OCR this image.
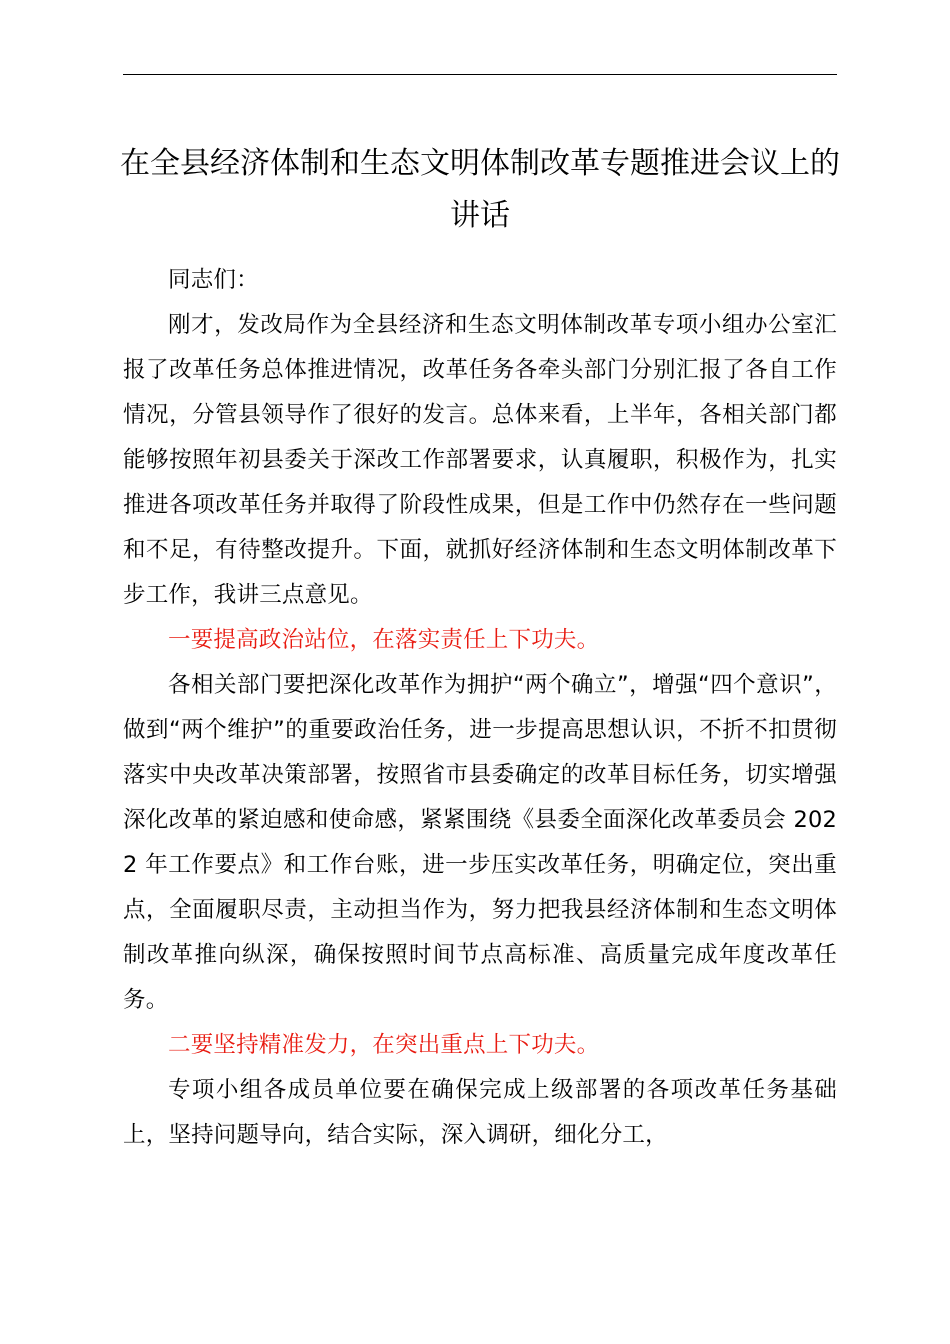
在全县经济体制和生态文明体制改革专题推进会议上的讲话

同志们：

刚才，发改局作为全县经济和生态文明体制改革专项小组办公室汇报了改革任务总体推进情况，改革任务各牵头部门分别汇报了各自工作情况，分管县领导作了很好的发言。总体来看，上半年，各相关部门都能够按照年初县委关于深改工作部署要求，认真履职，积极作为，扎实推进各项改革任务并取得了阶段性成果，但是工作中仍然存在一些问题和不足，有待整改提升。下面，就抓好经济体制和生态文明体制改革下步工作，我讲三点意见。

一要提高政治站位，在落实责任上下功夫。

各相关部门要把深化改革作为拥护“两个确立”，增强“四个意识”，做到“两个维护”的重要政治任务，进一步提高思想认识，不折不扣贯彻落实中央改革决策部署，按照省市县委确定的改革目标任务，切实增强深化改革的紧迫感和使命感，紧紧围绕《县委全面深化改革委员会 2022 年工作要点》和工作台账，进一步压实改革任务，明确定位，突出重点，全面履职尽责，主动担当作为，努力把我县经济体制和生态文明体制改革推向纵深，确保按照时间节点高标准、高质量完成年度改革任务。

二要坚持精准发力，在突出重点上下功夫。

专项小组各成员单位要在确保完成上级部署的各项改革任务基础上，坚持问题导向，结合实际，深入调研，细化分工，
